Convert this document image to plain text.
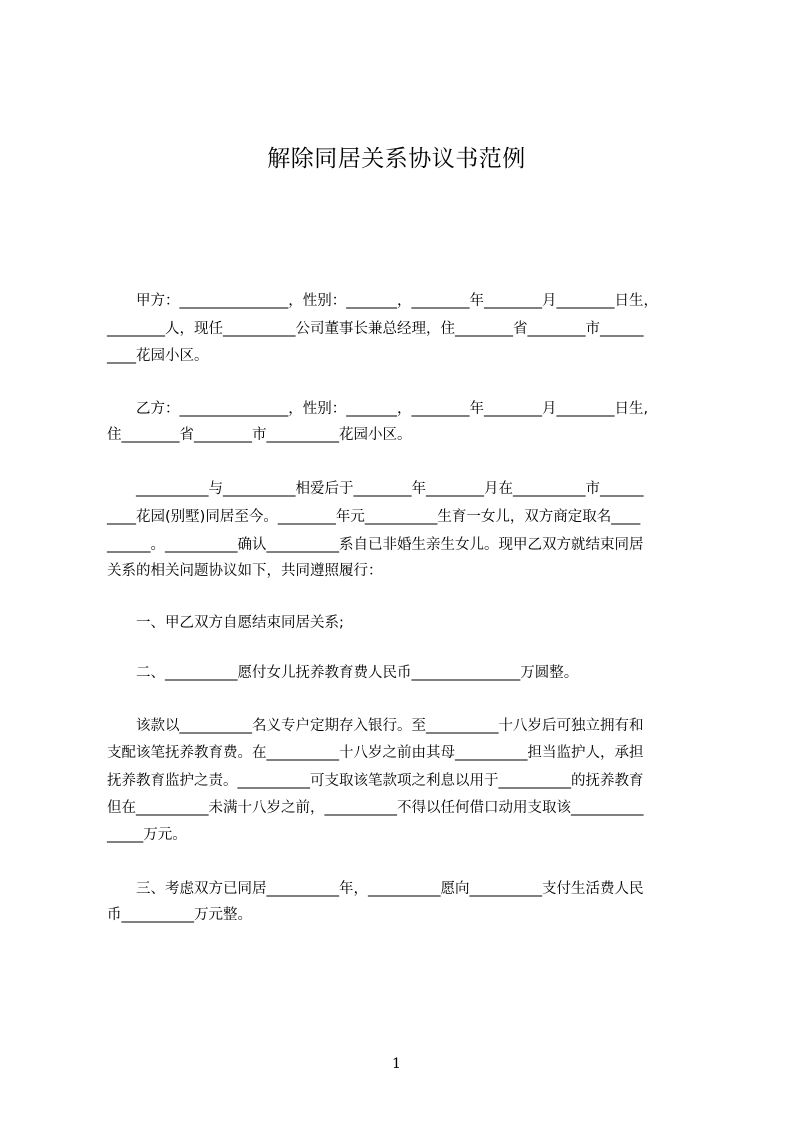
解除同居关系协议书范例
　　甲方：_______________，性别：_______，________年________月________日生，
________人，现任__________公司董事长兼总经理，住________省________市______
____花园小区。
　　乙方：_______________，性别：_______，________年________月________日生,
住________省________市__________花园小区。
　　__________与__________相爱后于________年________月在__________市______
____花园(别墅)同居至今。________年元__________生育一女儿，双方商定取名____
______。__________确认__________系自已非婚生亲生女儿。现甲乙双方就结束同居
关系的相关问题协议如下，共同遵照履行：
　　一、甲乙双方自愿结束同居关系;
　　二、__________愿付女儿抚养教育费人民币_______________万圆整。
　　该款以__________名义专户定期存入银行。至__________十八岁后可独立拥有和
支配该笔抚养教育费。在__________十八岁之前由其母__________担当监护人，承担
抚养教育监护之责。__________可支取该笔款项之利息以用于__________的抚养教育
但在__________未满十八岁之前，__________不得以任何借口动用支取该__________
_____万元。
　　三、考虑双方已同居__________年，__________愿向__________支付生活费人民
币__________万元整。
1
